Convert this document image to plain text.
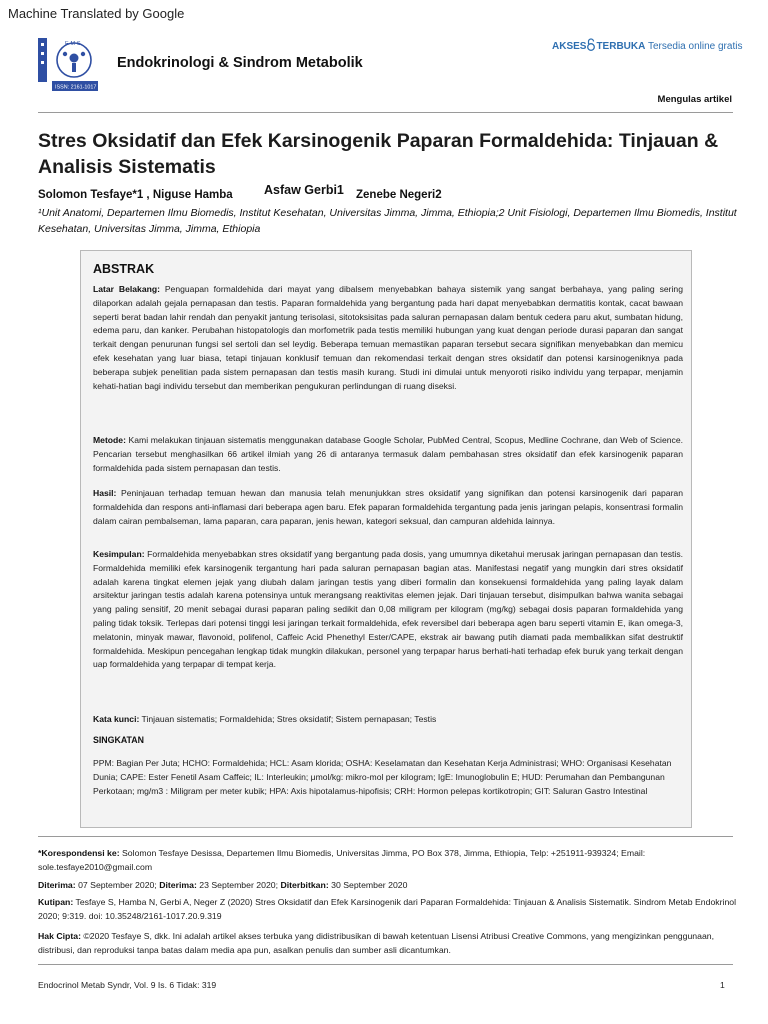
Machine Translated by Google
E·M·S
ISSN: 2161-1017
Endokrinologi & Sindrom Metabolik
AKSES TERBUKA Tersedia online gratis
Mengulas artikel
Stres Oksidatif dan Efek Karsinogenik Paparan Formaldehida: Tinjauan & Analisis Sistematis
Solomon Tesfaye*1 , Niguse Hamba	Asfaw Gerbi1 Zenebe Negeri2
¹Unit Anatomi, Departemen Ilmu Biomedis, Institut Kesehatan, Universitas Jimma, Jimma, Ethiopia;2 Unit Fisiologi, Departemen Ilmu Biomedis, Institut Kesehatan, Universitas Jimma, Jimma, Ethiopia
ABSTRAK
Latar Belakang: Penguapan formaldehida dari mayat yang dibalsem menyebabkan bahaya sistemik yang sangat berbahaya, yang paling sering dilaporkan adalah gejala pernapasan dan testis. Paparan formaldehida yang bergantung pada hari dapat menyebabkan dermatitis kontak, cacat bawaan seperti berat badan lahir rendah dan penyakit jantung terisolasi, sitotoksisitas pada saluran pernapasan dalam bentuk cedera paru akut, sumbatan hidung, edema paru, dan kanker. Perubahan histopatologis dan morfometrik pada testis memiliki hubungan yang kuat dengan periode durasi paparan dan sangat terkait dengan penurunan fungsi sel sertoli dan sel leydig. Beberapa temuan memastikan paparan tersebut secara signifikan menyebabkan dan memicu efek kesehatan yang luar biasa, tetapi tinjauan konklusif temuan dan rekomendasi terkait dengan stres oksidatif dan potensi karsinogeniknya pada beberapa subjek penelitian pada sistem pernapasan dan testis masih kurang. Studi ini dimulai untuk menyoroti risiko individu yang terpapar, menjamin kehati-hatian bagi individu tersebut dan memberikan pengukuran perlindungan di ruang diseksi.
Metode: Kami melakukan tinjauan sistematis menggunakan database Google Scholar, PubMed Central, Scopus, Medline Cochrane, dan Web of Science. Pencarian tersebut menghasilkan 66 artikel ilmiah yang 26 di antaranya termasuk dalam pembahasan stres oksidatif dan efek karsinogenik paparan formaldehida pada sistem pernapasan dan testis.
Hasil: Peninjauan terhadap temuan hewan dan manusia telah menunjukkan stres oksidatif yang signifikan dan potensi karsinogenik dari paparan formaldehida dan respons anti-inflamasi dari beberapa agen baru. Efek paparan formaldehida tergantung pada jenis jaringan pelapis, konsentrasi formalin dalam cairan pembalseman, lama paparan, cara paparan, jenis hewan, kategori seksual, dan campuran aldehida lainnya.
Kesimpulan: Formaldehida menyebabkan stres oksidatif yang bergantung pada dosis, yang umumnya diketahui merusak jaringan pernapasan dan testis. Formaldehida memiliki efek karsinogenik tergantung hari pada saluran pernapasan bagian atas. Manifestasi negatif yang mungkin dari stres oksidatif adalah karena tingkat elemen jejak yang diubah dalam jaringan testis yang diberi formalin dan konsekuensi formaldehida yang paling layak dalam arsitektur jaringan testis adalah karena potensinya untuk merangsang reaktivitas elemen jejak. Dari tinjauan tersebut, disimpulkan bahwa wanita sebagai yang paling sensitif, 20 menit sebagai durasi paparan paling sedikit dan 0,08 miligram per kilogram (mg/kg) sebagai dosis paparan formaldehida yang paling tidak toksik. Terlepas dari potensi tinggi lesi jaringan terkait formaldehida, efek reversibel dari beberapa agen baru seperti vitamin E, ikan omega-3, melatonin, minyak mawar, flavonoid, polifenol, Caffeic Acid Phenethyl Ester/CAPE, ekstrak air bawang putih diamati pada membalikkan sifat destruktif formaldehida. Meskipun pencegahan lengkap tidak mungkin dilakukan, personel yang terpapar harus berhati-hati terhadap efek buruk yang terkait dengan uap formaldehida yang terpapar di tempat kerja.
Kata kunci: Tinjauan sistematis; Formaldehida; Stres oksidatif; Sistem pernapasan; Testis
SINGKATAN
PPM: Bagian Per Juta; HCHO: Formaldehida; HCL: Asam klorida; OSHA: Keselamatan dan Kesehatan Kerja Administrasi; WHO: Organisasi Kesehatan Dunia; CAPE: Ester Fenetil Asam Caffeic; IL: Interleukin; μmol/kg: mikro-mol per kilogram; IgE: Imunoglobulin E; HUD: Perumahan dan Pembangunan Perkotaan; mg/m3 : Miligram per meter kubik; HPA: Axis hipotalamus-hipofisis; CRH: Hormon pelepas kortikotropin; GIT: Saluran Gastro Intestinal
*Korespondensi ke: Solomon Tesfaye Desissa, Departemen Ilmu Biomedis, Universitas Jimma, PO Box 378, Jimma, Ethiopia, Telp: +251911-939324; Email: sole.tesfaye2010@gmail.com
Diterima: 07 September 2020; Diterima: 23 September 2020; Diterbitkan: 30 September 2020
Kutipan: Tesfaye S, Hamba N, Gerbi A, Neger Z (2020) Stres Oksidatif dan Efek Karsinogenik dari Paparan Formaldehida: Tinjauan & Analisis Sistematik. Sindrom Metab Endokrinol 2020; 9:319. doi: 10.35248/2161-1017.20.9.319
Hak Cipta: ©2020 Tesfaye S, dkk. Ini adalah artikel akses terbuka yang didistribusikan di bawah ketentuan Lisensi Atribusi Creative Commons, yang mengizinkan penggunaan, distribusi, dan reproduksi tanpa batas dalam media apa pun, asalkan penulis dan sumber asli dicantumkan.
Endocrinol Metab Syndr, Vol. 9 Is. 6 Tidak: 319	1
